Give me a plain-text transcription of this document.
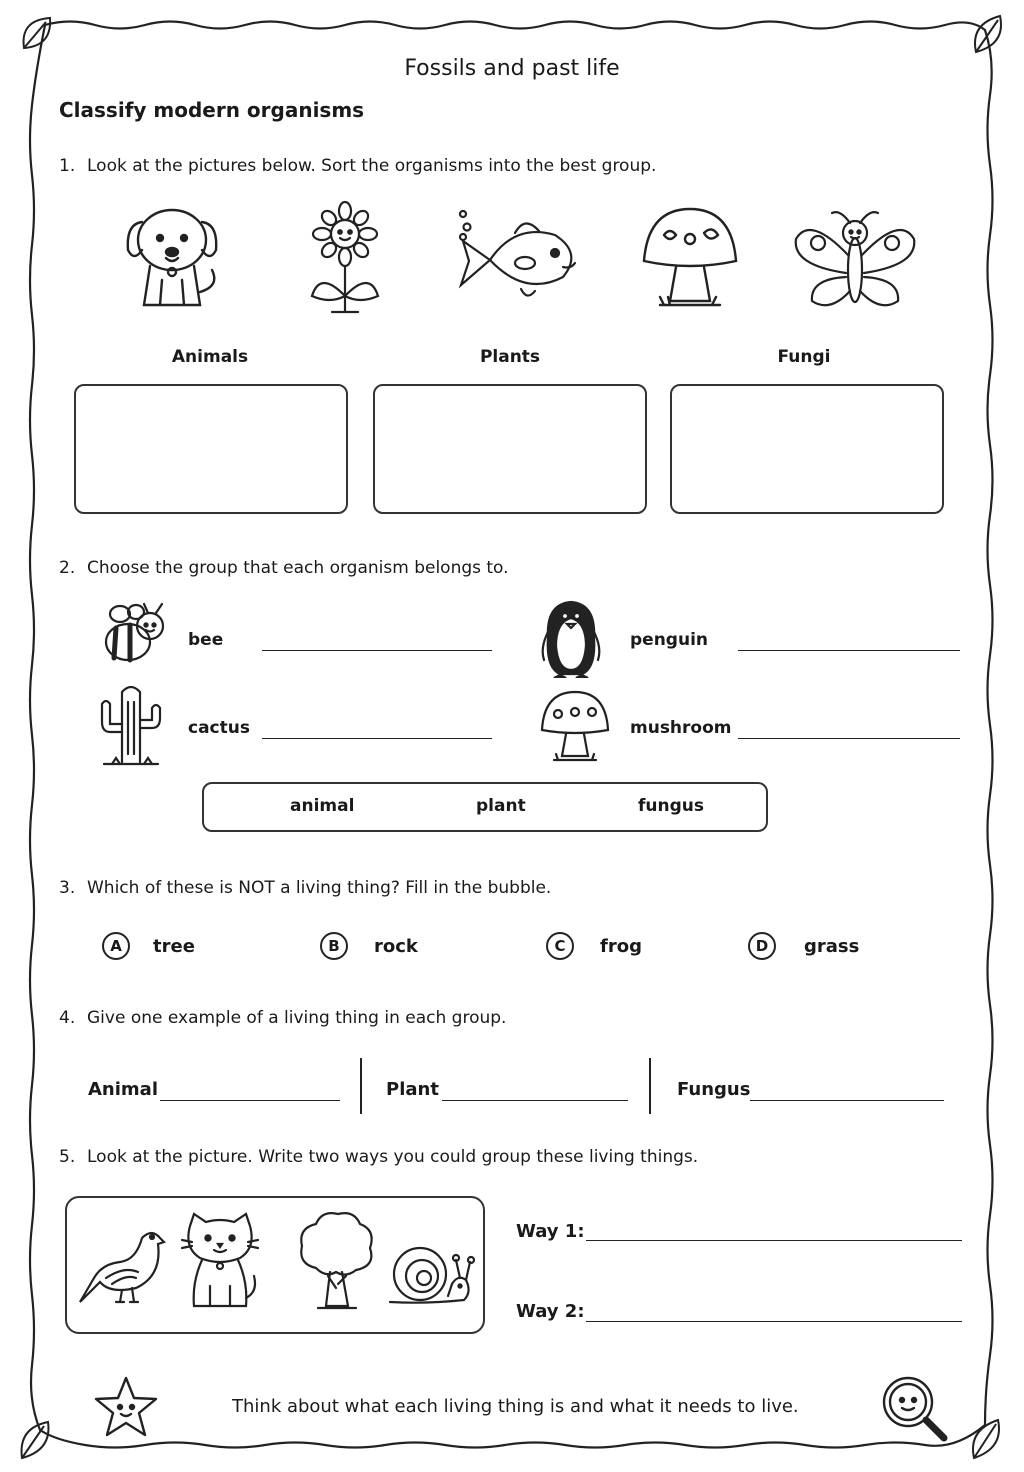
Fossils and past life
Classify modern organisms
1. Look at the pictures below. Sort the organisms into the best group.
Animals	Plants	Fungi
2. Choose the group that each organism belongs to.
bee	penguin
cactus	mushroom
animal	plant	fungus
3. Which of these is NOT a living thing? Fill in the bubble.
A	tree	B	rock	C	frog	D	grass
4. Give one example of a living thing in each group.
Animal	Plant	Fungus
5. Look at the picture. Write two ways you could group these living things.
Way 1:
Way 2:
Think about what each living thing is and what it needs to live.
